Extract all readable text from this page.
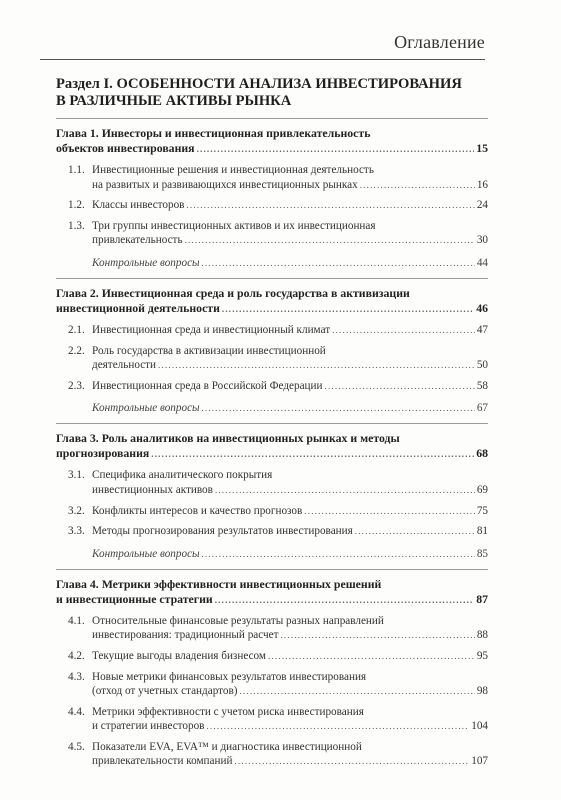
Оглавление
Раздел I. ОСОБЕННОСТИ АНАЛИЗА ИНВЕСТИРОВАНИЯ
В РАЗЛИЧНЫЕ АКТИВЫ РЫНКА
Глава 1. Инвесторы и инвестиционная привлекательность
объектов инвестирования .....	15
1.1. Инвестиционные решения и инвестиционная деятельность
на развитых и развивающихся инвестиционных рынках .....	16
1.2. Классы инвесторов .....	24
1.3. Три группы инвестиционных активов и их инвестиционная
привлекательность .....	30
Контрольные вопросы .....	44
Глава 2. Инвестиционная среда и роль государства в активизации
инвестиционной деятельности .....	46
2.1. Инвестиционная среда и инвестиционный климат .....	47
2.2. Роль государства в активизации инвестиционной
деятельности .....	50
2.3. Инвестиционная среда в Российской Федерации .....	58
Контрольные вопросы .....	67
Глава 3. Роль аналитиков на инвестиционных рынках и методы
прогнозирования .....	68
3.1. Специфика аналитического покрытия
инвестиционных активов .....	69
3.2. Конфликты интересов и качество прогнозов .....	75
3.3. Методы прогнозирования результатов инвестирования .....	81
Контрольные вопросы .....	85
Глава 4. Метрики эффективности инвестиционных решений
и инвестиционные стратегии .....	87
4.1. Относительные финансовые результаты разных направлений
инвестирования: традиционный расчет .....	88
4.2. Текущие выгоды владения бизнесом .....	95
4.3. Новые метрики финансовых результатов инвестирования
(отход от учетных стандартов) .....	98
4.4. Метрики эффективности с учетом риска инвестирования
и стратегии инвесторов .....	104
4.5. Показатели EVA, EVA™ и диагностика инвестиционной
привлекательности компаний .....	107
